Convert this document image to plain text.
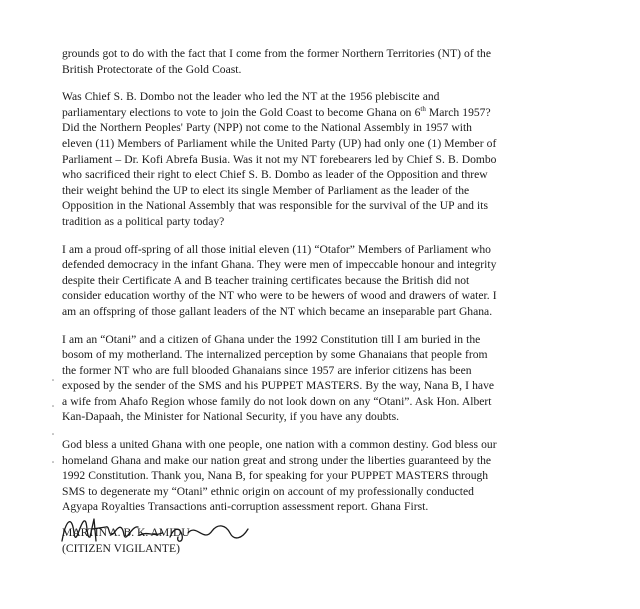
grounds got to do with the fact that I come from the former Northern Territories (NT) of the
British Protectorate of the Gold Coast.

Was Chief S. B. Dombo not the leader who led the NT at the 1956 plebiscite and
parliamentary elections to vote to join the Gold Coast to become Ghana on 6th March 1957?
Did the Northern Peoples' Party (NPP) not come to the National Assembly in 1957 with
eleven (11) Members of Parliament while the United Party (UP) had only one (1) Member of
Parliament – Dr. Kofi Abrefa Busia. Was it not my NT forebearers led by Chief S. B. Dombo
who sacrificed their right to elect Chief S. B. Dombo as leader of the Opposition and threw
their weight behind the UP to elect its single Member of Parliament as the leader of the
Opposition in the National Assembly that was responsible for the survival of the UP and its
tradition as a political party today?

I am a proud off-spring of all those initial eleven (11) “Otafor” Members of Parliament who
defended democracy in the infant Ghana. They were men of impeccable honour and integrity
despite their Certificate A and B teacher training certificates because the British did not
consider education worthy of the NT who were to be hewers of wood and drawers of water. I
am an offspring of those gallant leaders of the NT which became an inseparable part Ghana.

I am an “Otani” and a citizen of Ghana under the 1992 Constitution till I am buried in the
bosom of my motherland. The internalized perception by some Ghanaians that people from
the former NT who are full blooded Ghanaians since 1957 are inferior citizens has been
exposed by the sender of the SMS and his PUPPET MASTERS. By the way, Nana B, I have
a wife from Ahafo Region whose family do not look down on any “Otani”. Ask Hon. Albert
Kan-Dapaah, the Minister for National Security, if you have any doubts.

God bless a united Ghana with one people, one nation with a common destiny. God bless our
homeland Ghana and make our nation great and strong under the liberties guaranteed by the
1992 Constitution. Thank you, Nana B, for speaking for your PUPPET MASTERS through
SMS to degenerate my “Otani” ethnic origin on account of my professionally conducted
Agyapa Royalties Transactions anti-corruption assessment report. Ghana First.

MARTIN A. B. K. AMIDU
(CITIZEN VIGILANTE)
